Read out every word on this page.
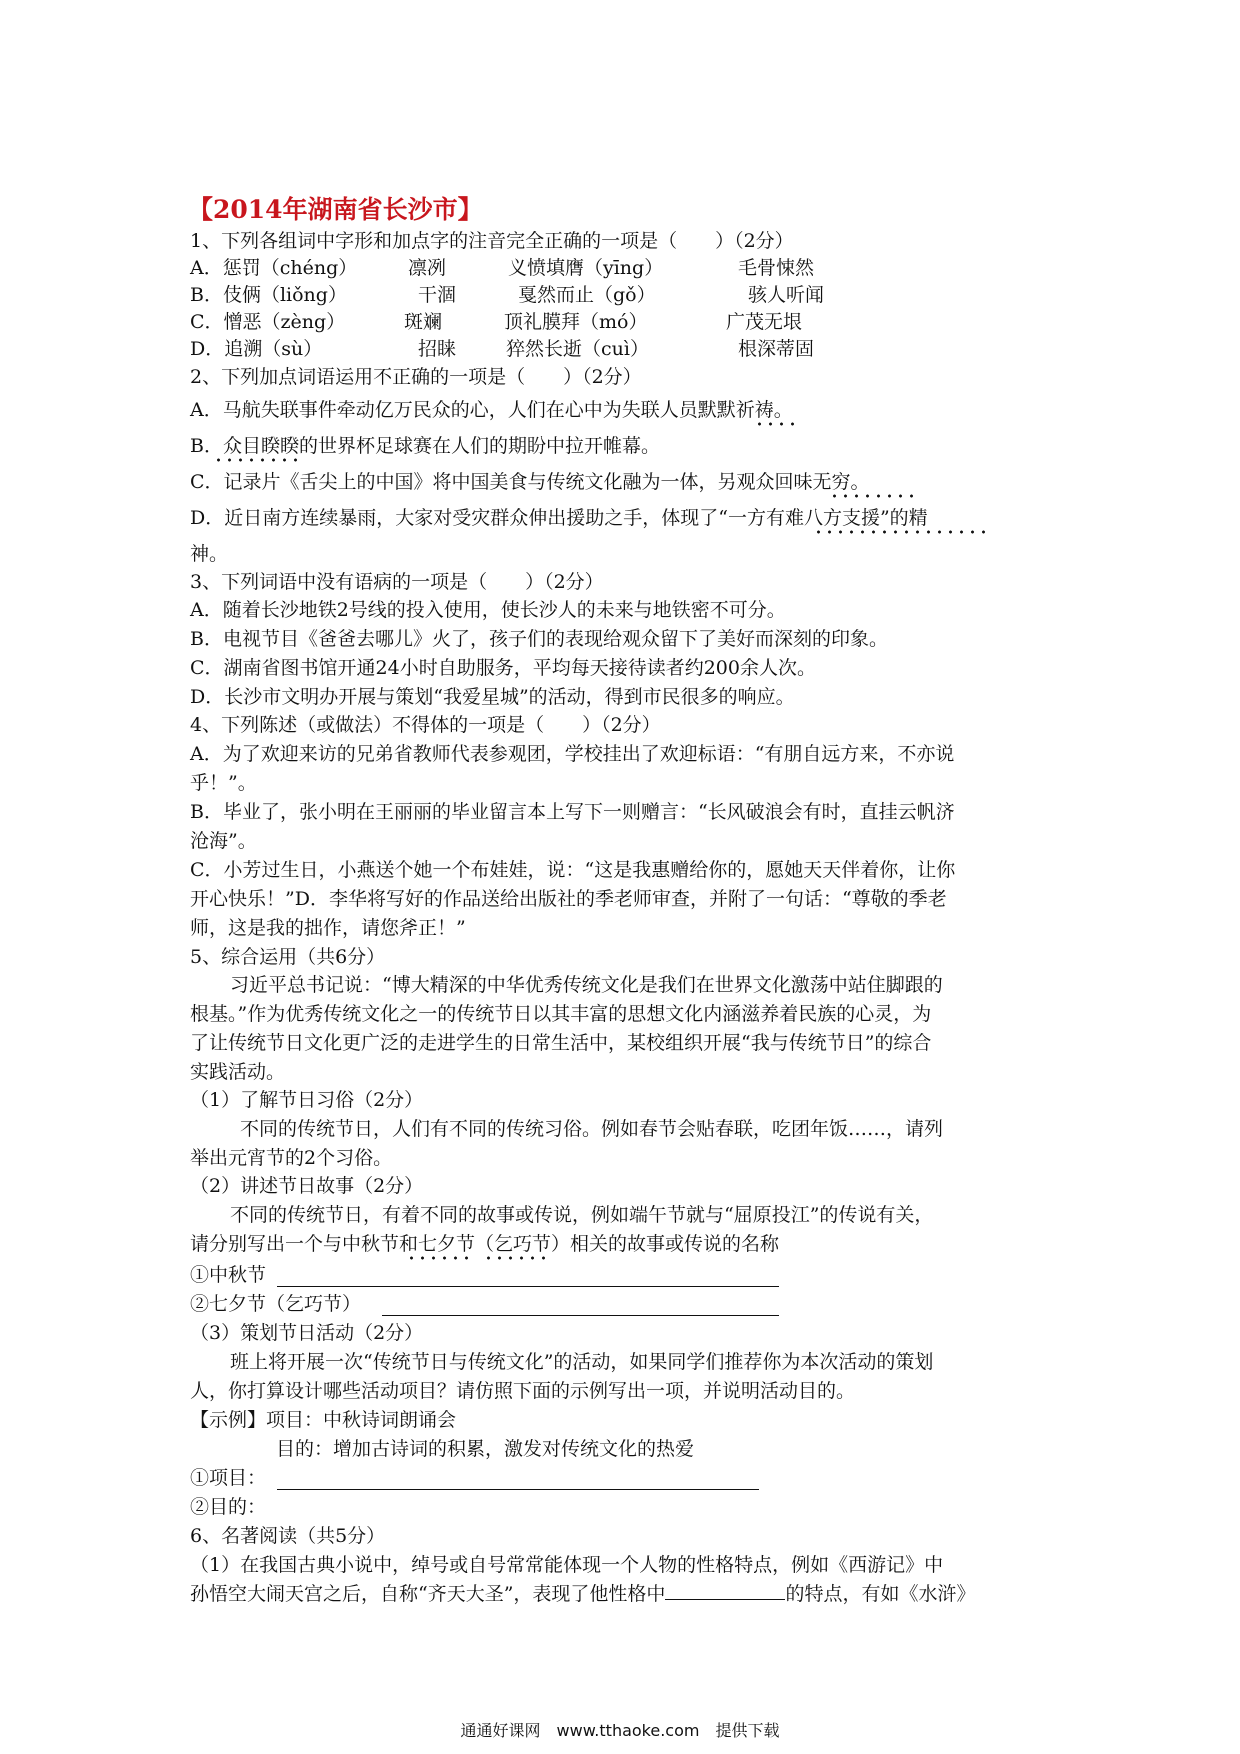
【2014年湖南省长沙市】
1、下列各组词中字形和加点字的注音完全正确的一项是（　　）（2分）
A．惩罚（chéng）	凛冽	义愤填膺（yīng）	毛骨悚然
B．伎俩（liǒng）	干涸	戛然而止（gǒ）	骇人听闻
C．憎恶（zèng）	斑斓	顶礼膜拜（mó）	广茂无垠
D．追溯（sù）	招睐	猝然长逝（cuì）	根深蒂固
2、下列加点词语运用不正确的一项是（　　）（2分）
A．马航失联事件牵动亿万民众的心，人们在心中为失联人员默默祈祷。
B．众目睽睽的世界杯足球赛在人们的期盼中拉开帷幕。
C．记录片《舌尖上的中国》将中国美食与传统文化融为一体，另观众回味无穷。
D．近日南方连续暴雨，大家对受灾群众伸出援助之手，体现了“一方有难八方支援”的精
神。
3、下列词语中没有语病的一项是（　　）（2分）
A．随着长沙地铁2号线的投入使用，使长沙人的未来与地铁密不可分。
B．电视节目《爸爸去哪儿》火了，孩子们的表现给观众留下了美好而深刻的印象。
C．湖南省图书馆开通24小时自助服务，平均每天接待读者约200余人次。
D．长沙市文明办开展与策划“我爱星城”的活动，得到市民很多的响应。
4、下列陈述（或做法）不得体的一项是（　　）（2分）
A．为了欢迎来访的兄弟省教师代表参观团，学校挂出了欢迎标语：“有朋自远方来，不亦说
乎！”。
B．毕业了，张小明在王丽丽的毕业留言本上写下一则赠言：“长风破浪会有时，直挂云帆济
沧海”。
C．小芳过生日，小燕送个她一个布娃娃，说：“这是我惠赠给你的，愿她天天伴着你，让你
开心快乐！”D．李华将写好的作品送给出版社的季老师审查，并附了一句话：“尊敬的季老
师，这是我的拙作，请您斧正！”
5、综合运用（共6分）
习近平总书记说：“博大精深的中华优秀传统文化是我们在世界文化激荡中站住脚跟的
根基。”作为优秀传统文化之一的传统节日以其丰富的思想文化内涵滋养着民族的心灵，为
了让传统节日文化更广泛的走进学生的日常生活中，某校组织开展“我与传统节日”的综合
实践活动。
（1）了解节日习俗（2分）
不同的传统节日，人们有不同的传统习俗。例如春节会贴春联，吃团年饭……，请列
举出元宵节的2个习俗。
（2）讲述节日故事（2分）
不同的传统节日，有着不同的故事或传说，例如端午节就与“屈原投江”的传说有关，
请分别写出一个与中秋节和七夕节（乞巧节）相关的故事或传说的名称
①中秋节
②七夕节（乞巧节）
（3）策划节日活动（2分）
班上将开展一次“传统节日与传统文化”的活动，如果同学们推荐你为本次活动的策划
人，你打算设计哪些活动项目？请仿照下面的示例写出一项，并说明活动目的。
【示例】项目：中秋诗词朗诵会
目的：增加古诗词的积累，激发对传统文化的热爱
①项目：
②目的：
6、名著阅读（共5分）
（1）在我国古典小说中，绰号或自号常常能体现一个人物的性格特点，例如《西游记》中
孙悟空大闹天宫之后，自称“齐天大圣”，表现了他性格中	的特点，有如《水浒》
通通好课网　www.tthaoke.com　提供下载
